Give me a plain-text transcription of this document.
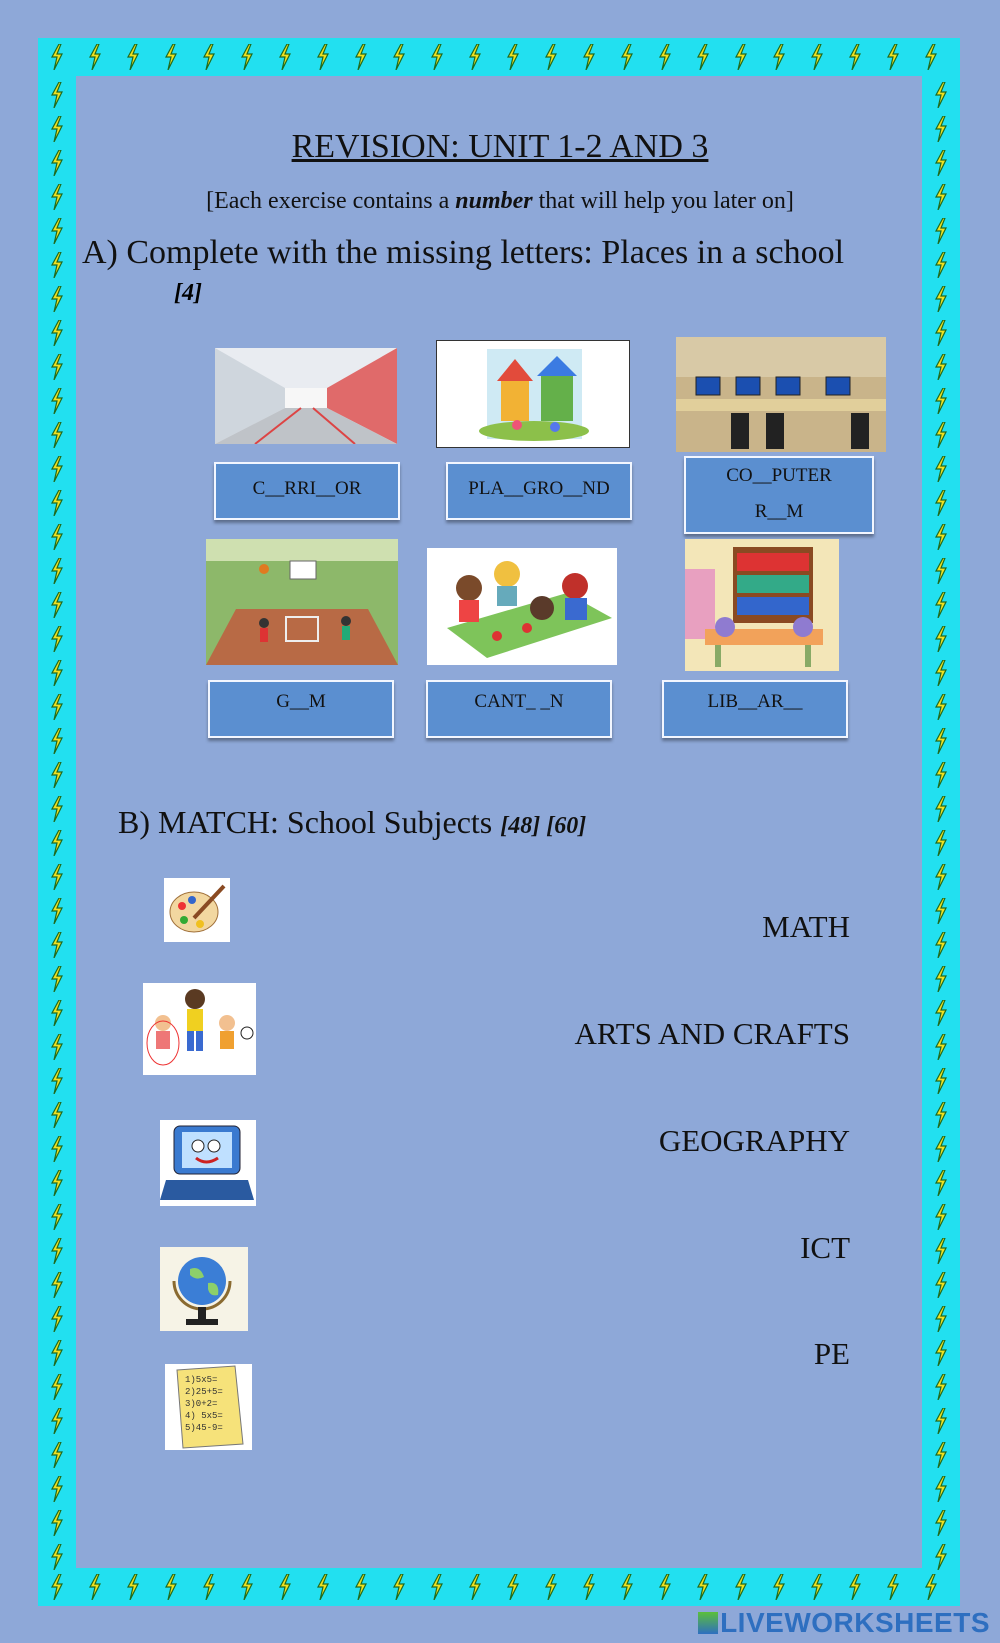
REVISION: UNIT 1-2 AND 3
[Each exercise contains a number that will help you later on]
A) Complete with the missing letters: Places in a school
[4]
C__RRI__OR	PLA__GRO__ND
CO__PUTER
R__M
G__M	CANT_ _N	LIB__AR__
B) MATCH: School Subjects [48] [60]
1)5x5=
2)25+5=
3)0+2=
4) 5x5=
5)45-9=
MATH
ARTS AND CRAFTS
GEOGRAPHY
ICT
PE
LIVEWORKSHEETS
